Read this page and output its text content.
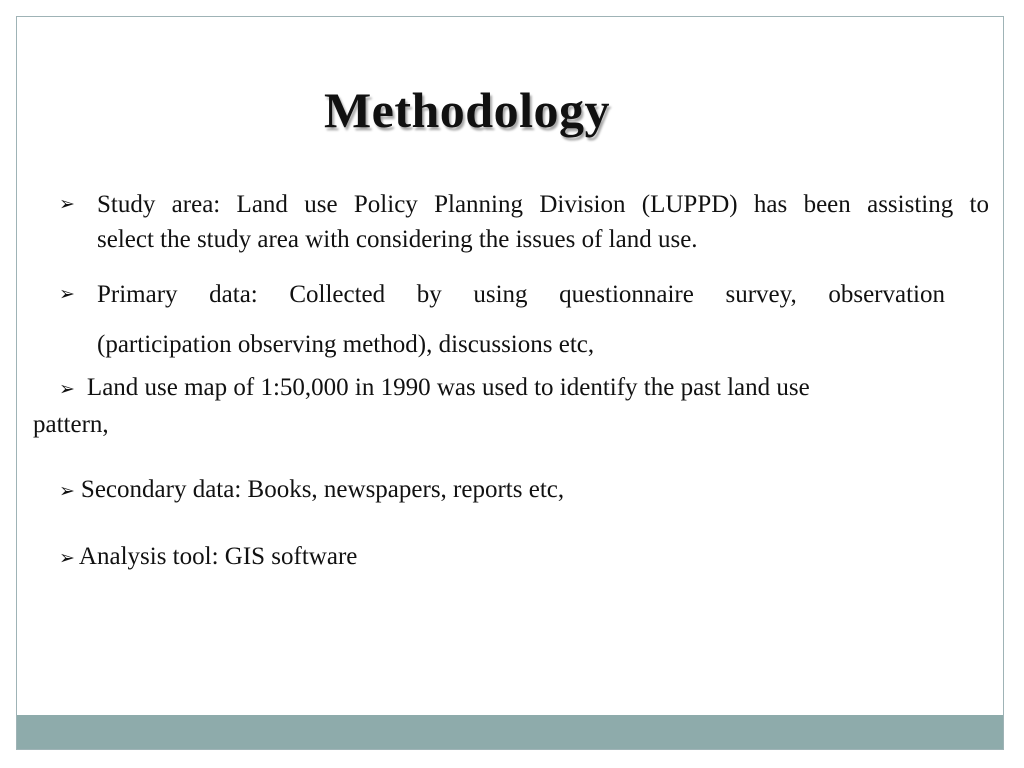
Methodology
➢ Study area: Land use Policy Planning Division (LUPPD) has been assisting to
select the study area with considering the issues of land use.
➢ Primary data: Collected by using questionnaire survey, observation
(participation observing method), discussions etc,
➢ Land use map of 1:50,000 in 1990 was used to identify the past land use
pattern,
➢ Secondary data: Books, newspapers, reports etc,
➢ Analysis tool: GIS software
